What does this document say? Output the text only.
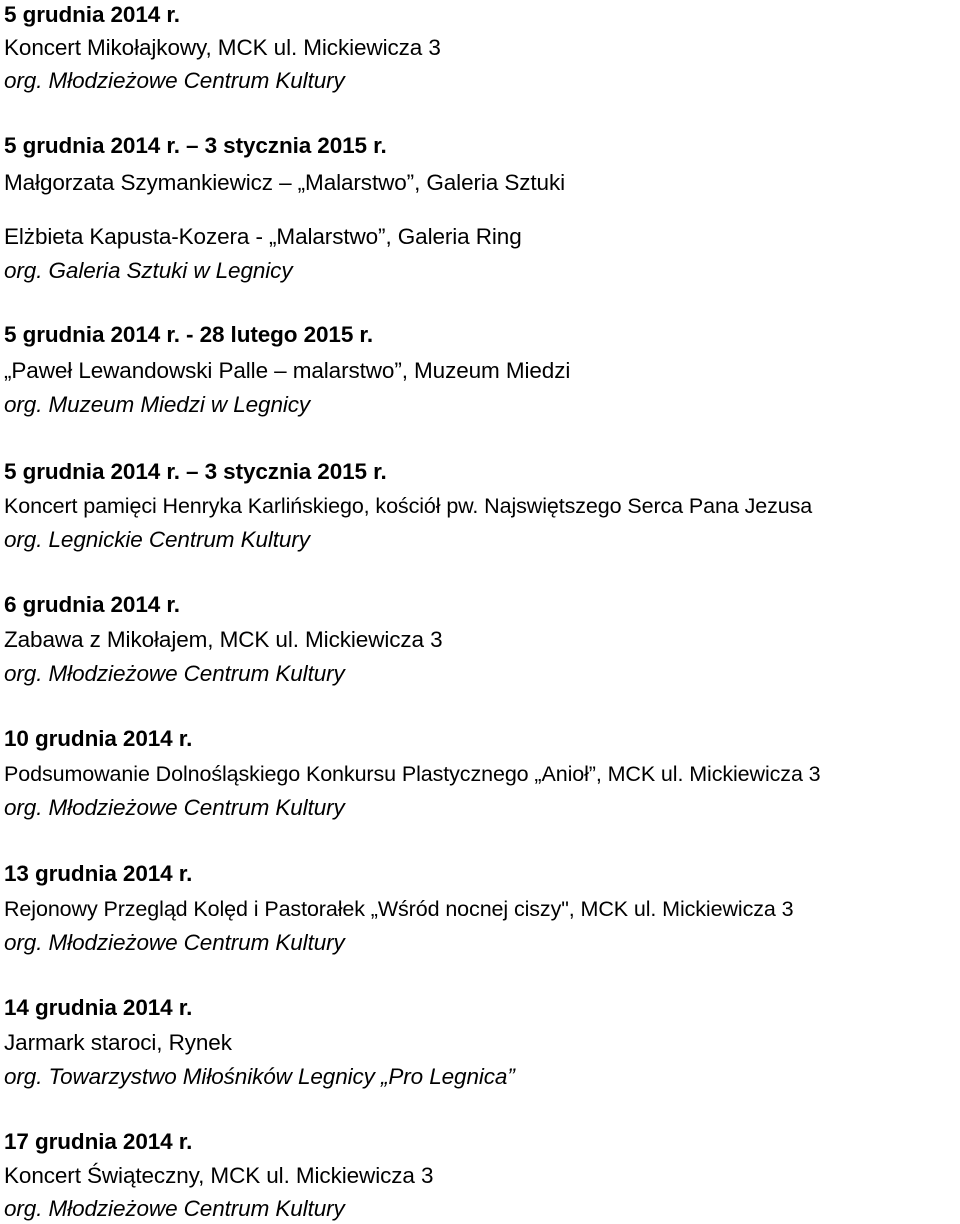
5 grudnia 2014 r.

Koncert Mikołajkowy, MCK ul. Mickiewicza 3

org. Młodzieżowe Centrum Kultury

5 grudnia 2014 r. – 3 stycznia 2015 r.

Małgorzata Szymankiewicz – „Malarstwo”, Galeria Sztuki

Elżbieta Kapusta-Kozera - „Malarstwo”, Galeria Ring

org. Galeria Sztuki w Legnicy

5 grudnia 2014 r. - 28 lutego 2015 r.

„Paweł Lewandowski Palle – malarstwo”, Muzeum Miedzi

org. Muzeum Miedzi w Legnicy

5 grudnia 2014 r. – 3 stycznia 2015 r.

Koncert pamięci Henryka Karlińskiego, kościół pw. Najswiętszego Serca Pana Jezusa

org. Legnickie Centrum Kultury

6 grudnia 2014 r.

Zabawa z Mikołajem, MCK ul. Mickiewicza 3

org. Młodzieżowe Centrum Kultury

10 grudnia 2014 r.

Podsumowanie Dolnośląskiego Konkursu Plastycznego „Anioł”, MCK ul. Mickiewicza 3

org. Młodzieżowe Centrum Kultury

13 grudnia 2014 r.

Rejonowy Przegląd Kolęd i Pastorałek „Wśród nocnej ciszy", MCK ul. Mickiewicza 3

org. Młodzieżowe Centrum Kultury

14 grudnia 2014 r.

Jarmark staroci, Rynek

org. Towarzystwo Miłośników Legnicy „Pro Legnica”

17 grudnia 2014 r.

Koncert Świąteczny, MCK ul. Mickiewicza 3

org. Młodzieżowe Centrum Kultury
